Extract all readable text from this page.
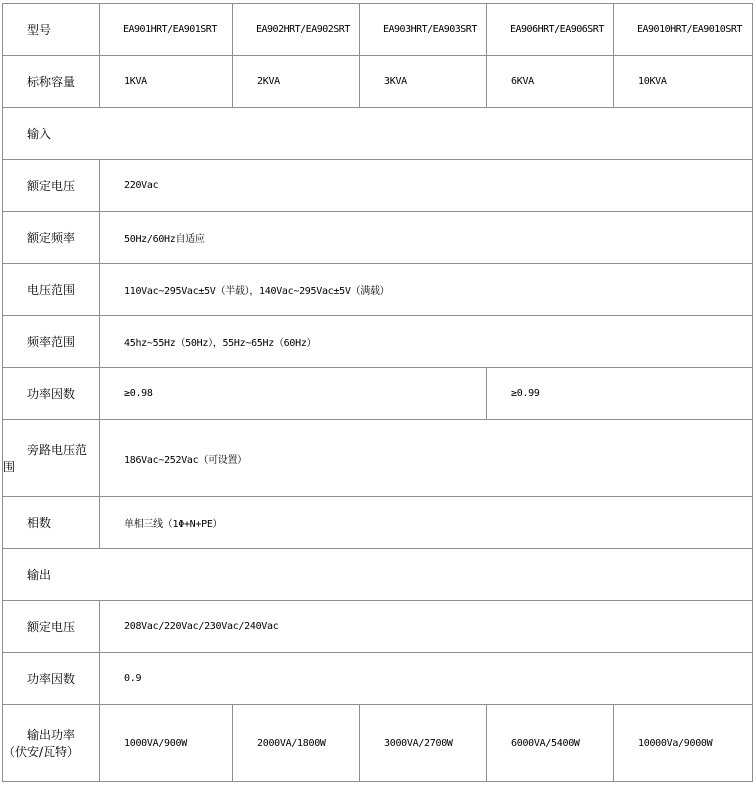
型号	EA901HRT/EA901SRT	EA902HRT/EA902SRT	EA903HRT/EA903SRT	EA906HRT/EA906SRT	EA9010HRT/EA9010SRT
标称容量	1KVA	2KVA	3KVA	6KVA	10KVA
输入					
额定电压	220Vac				
额定频率	50Hz/60Hz自适应				
电压范围	110Vac~295Vac±5V（半载），140Vac~295Vac±5V（满载）				
频率范围	45hz~55Hz（50Hz），55Hz~65Hz（60Hz）				
功率因数	≥0.98			≥0.99	

旁路电压范
围	186Vac~252Vac（可设置）				
相数	单相三线（1Φ+N+PE）				
输出					
额定电压	208Vac/220Vac/230Vac/240Vac				
功率因数	0.9				

输出功率
（伏安/瓦特）	1000VA/900W	2000VA/1800W	3000VA/2700W	6000VA/5400W	10000Va/9000W
